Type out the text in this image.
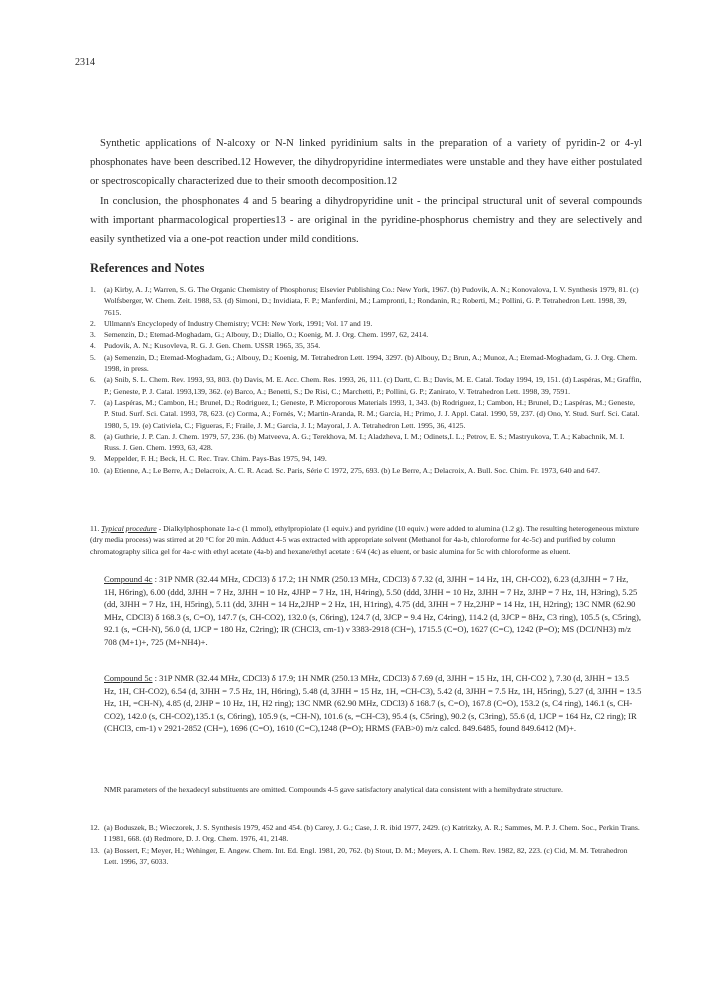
2314

Synthetic applications of N-alcoxy or N-N linked pyridinium salts in the preparation of a variety of pyridin-2 or 4-yl phosphonates have been described.12 However, the dihydropyridine intermediates were unstable and they have either postulated or spectroscopically characterized due to their smooth decomposition.12

In conclusion, the phosphonates 4 and 5 bearing a dihydropyridine unit - the principal structural unit of several compounds with important pharmacological properties13 - are original in the pyridine-phosphorus chemistry and they are selectively and easily synthetized via a one-pot reaction under mild conditions.

References and Notes
1.	(a) Kirby, A. J.; Warren, S. G. The Organic Chemistry of Phosphorus; Elsevier Publishing Co.: New York, 1967. (b) Pudovik, A. N.; Konovalova, I. V. Synthesis 1979, 81. (c) Wolfsberger, W. Chem. Zeit. 1988, 53. (d) Simoni, D.; Invidiata, F. P.; Manferdini, M.; Lampronti, I.; Rondanin, R.; Roberti, M.; Pollini, G. P. Tetrahedron Lett. 1998, 39, 7615.
2.	Ullmann's Encyclopedy of Industry Chemistry; VCH: New York, 1991; Vol. 17 and 19.
3.	Semenzin, D.; Etemad-Moghadam, G.; Albouy, D.; Diallo, O.; Koenig, M. J. Org. Chem. 1997, 62, 2414.
4.	Pudovik, A. N.; Kusovleva, R. G. J. Gen. Chem. USSR 1965, 35, 354.
5.	(a) Semenzin, D.; Etemad-Moghadam, G.; Albouy, D.; Koenig, M. Tetrahedron Lett. 1994, 3297. (b) Albouy, D.; Brun, A.; Munoz, A.; Etemad-Moghadam, G. J. Org. Chem. 1998, in press.
6.	(a) Snib, S. L. Chem. Rev. 1993, 93, 803. (b) Davis, M. E. Acc. Chem. Res. 1993, 26, 111. (c) Dartt, C. B.; Davis, M. E. Catal. Today 1994, 19, 151. (d) Laspéras, M.; Graffin, P.; Geneste, P. J. Catal. 1993,139, 362. (e) Barco, A.; Benetti, S.; De Risi, C.; Marchetti, P.; Pollini, G. P.; Zanirato, V. Tetrahedron Lett. 1998, 39, 7591.
7.	(a) Laspéras, M.; Cambon, H.; Brunel, D.; Rodriguez, I.; Geneste, P. Microporous Materials 1993, 1, 343. (b) Rodriguez, I.; Cambon, H.; Brunel, D.; Laspéras, M.; Geneste, P. Stud. Surf. Sci. Catal. 1993, 78, 623. (c) Corma, A.; Fornés, V.; Martin-Aranda, R. M.; Garcia, H.; Primo, J. J. Appl. Catal. 1990, 59, 237. (d) Ono, Y. Stud. Surf. Sci. Catal. 1980, 5, 19. (e) Cativiela, C.; Figueras, F.; Fraile, J. M.; Garcia, J. I.; Mayoral, J. A. Tetrahedron Lett. 1995, 36, 4125.
8.	(a) Guthrie, J. P. Can. J. Chem. 1979, 57, 236. (b) Matveeva, A. G.; Terekhova, M. I.; Aladzheva, I. M.; Odinets,I. L.; Petrov, E. S.; Mastryukova, T. A.; Kabachnik, M. I. Russ. J. Gen. Chem. 1993, 63, 428.
9.	Meppelder, F. H.; Beck, H. C. Rec. Trav. Chim. Pays-Bas 1975, 94, 149.
10. (a) Etienne, A.; Le Berre, A.; Delacroix, A. C. R. Acad. Sc. Paris, Série C 1972, 275, 693. (b) Le Berre, A.; Delacroix, A. Bull. Soc. Chim. Fr. 1973, 640 and 647.
11. Typical procedure - Dialkylphosphonate 1a-c (1 mmol), ethylpropiolate (1 equiv.) and pyridine (10 equiv.) were added to alumina (1.2 g). The resulting heterogeneous mixture (dry media process) was stirred at 20 °C for 20 min. Adduct 4-5 was extracted with appropriate solvent (Methanol for 4a-b, chloroforme for 4c-5c) and purified by column chromatography silica gel for 4a-c with ethyl acetate (4a-b) and hexane/ethyl acetate : 6/4 (4c) as eluent, or basic alumina for 5c with chloroforme as eluent.
Compound 4c : 31P NMR (32.44 MHz, CDCl3) δ 17.2; 1H NMR (250.13 MHz, CDCl3) δ 7.32 (d, 3JHH = 14 Hz, 1H, CH-CO2), 6.23 (d,3JHH = 7 Hz, 1H, H6ring), 6.00 (ddd, 3JHH = 7 Hz, 3JHH = 10 Hz, 4JHP = 7 Hz, 1H, H4ring), 5.50 (ddd, 3JHH = 10 Hz, 3JHH = 7 Hz, 3JHP = 7 Hz, 1H, H3ring), 5.25 (dd, 3JHH = 7 Hz, 1H, H5ring), 5.11 (dd, 3JHH = 14 Hz,2JHP = 2 Hz, 1H, H1ring), 4.75 (dd, 3JHH = 7 Hz,2JHP = 14 Hz, 1H, H2ring); 13C NMR (62.90 MHz, CDCl3) δ 168.3 (s, C=O), 147.7 (s, CH-CO2), 132.0 (s, C6ring), 124.7 (d, 3JCP = 9.4 Hz, C4ring), 114.2 (d, 3JCP = 8Hz, C3 ring), 105.5 (s, C5ring), 92.1 (s, =CH-N), 56.0 (d, 1JCP = 180 Hz, C2ring); IR (CHCl3, cm-1) ν 3383-2918 (CH=), 1715.5 (C=O), 1627 (C=C), 1242 (P=O); MS (DCI/NH3) m/z 708 (M+1)+, 725 (M+NH4)+.
Compound 5c : 31P NMR (32.44 MHz, CDCl3) δ 17.9; 1H NMR (250.13 MHz, CDCl3) δ 7.69 (d, 3JHH = 15 Hz, 1H, CH-CO2 ), 7.30 (d, 3JHH = 13.5 Hz, 1H, CH-CO2), 6.54 (d, 3JHH = 7.5 Hz, 1H, H6ring), 5.48 (d, 3JHH = 15 Hz, 1H, =CH-C3), 5.42 (d, 3JHH = 7.5 Hz, 1H, H5ring), 5.27 (d, 3JHH = 13.5 Hz, 1H, =CH-N), 4.85 (d, 2JHP = 10 Hz, 1H, H2 ring); 13C NMR (62.90 MHz, CDCl3) δ 168.7 (s, C=O), 167.8 (C=O), 153.2 (s, C4 ring), 146.1 (s, CH-CO2), 142.0 (s, CH-CO2),135.1 (s, C6ring), 105.9 (s, =CH-N), 101.6 (s, =CH-C3), 95.4 (s, C5ring), 90.2 (s, C3ring), 55.6 (d, 1JCP = 164 Hz, C2 ring); IR (CHCl3, cm-1) ν 2921-2852 (CH=), 1696 (C=O), 1610 (C=C),1248 (P=O); HRMS (FAB>0) m/z calcd. 849.6485, found 849.6412 (M)+.
NMR parameters of the hexadecyl substituents are omitted. Compounds 4-5 gave satisfactory analytical data consistent with a hemihydrate structure.
12. (a) Boduszek, B.; Wieczorek, J. S. Synthesis 1979, 452 and 454. (b) Carey, J. G.; Case, J. R. ibid 1977, 2429. (c) Katritzky, A. R.; Sammes, M. P. J. Chem. Soc., Perkin Trans. I 1981, 668. (d) Redmore, D. J. Org. Chem. 1976, 41, 2148.
13. (a) Bossert, F.; Meyer, H.; Wehinger, E. Angew. Chem. Int. Ed. Engl. 1981, 20, 762. (b) Stout, D. M.; Meyers, A. I. Chem. Rev. 1982, 82, 223. (c) Cid, M. M. Tetrahedron Lett. 1996, 37, 6033.
